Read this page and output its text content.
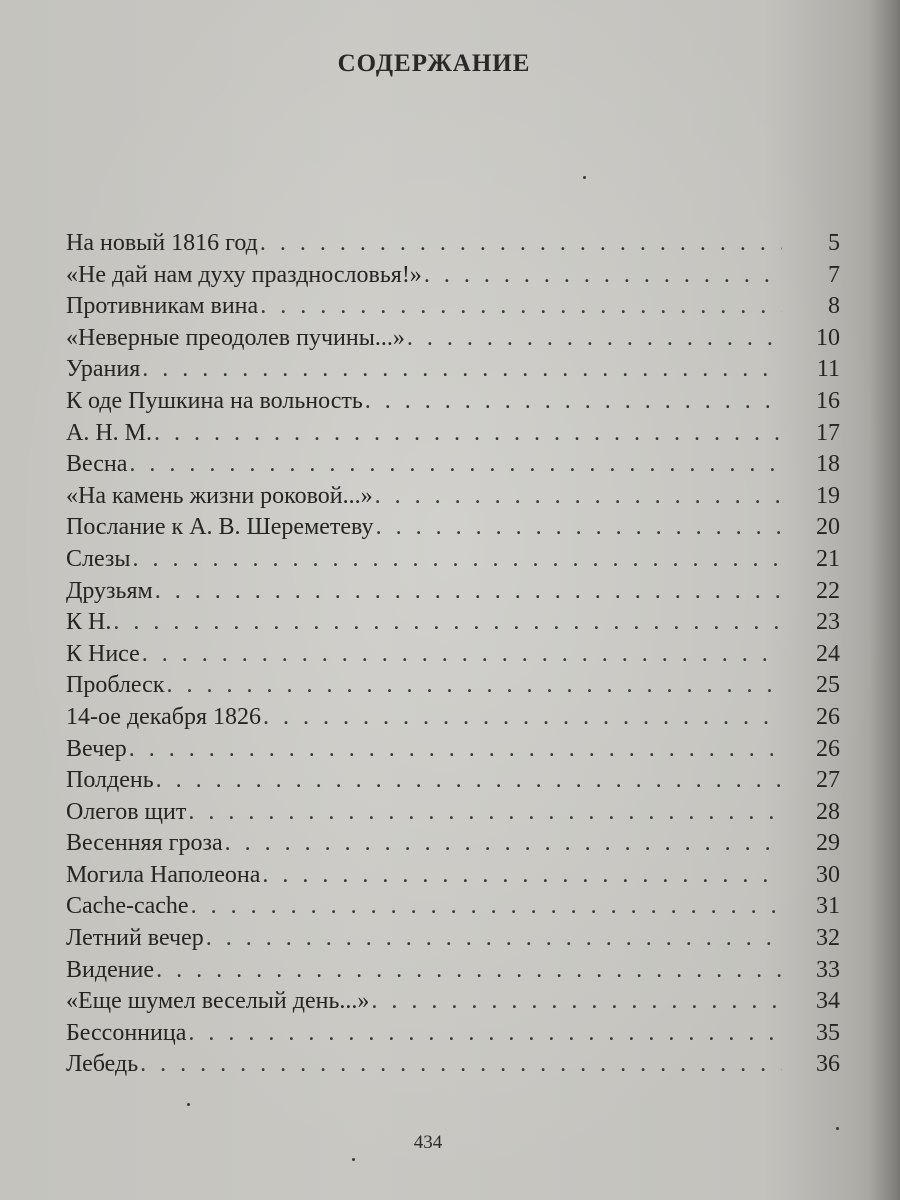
СОДЕРЖАНИЕ
На новый 1816 год . . .	5
«Не дай нам духу празднословья!» . . .	7
Противникам вина . . .	8
«Неверные преодолев пучины...» . . .	10
Урания . . .	11
К оде Пушкина на вольность . . .	16
А. Н. М. . . .	17
Весна . . .	18
«На камень жизни роковой...» . . .	19
Послание к А. В. Шереметеву . . .	20
Слезы . . .	21
Друзьям . . .	22
К Н. . . .	23
К Нисе . . .	24
Проблеск . . .	25
14-ое декабря 1826 . . .	26
Вечер . . .	26
Полдень . . .	27
Олегов щит . . .	28
Весенняя гроза . . .	29
Могила Наполеона . . .	30
Cache-cache . . .	31
Летний вечер . . .	32
Видение . . .	33
«Еще шумел веселый день...» . . .	34
Бессонница . . .	35
Лебедь . . .	36
434
